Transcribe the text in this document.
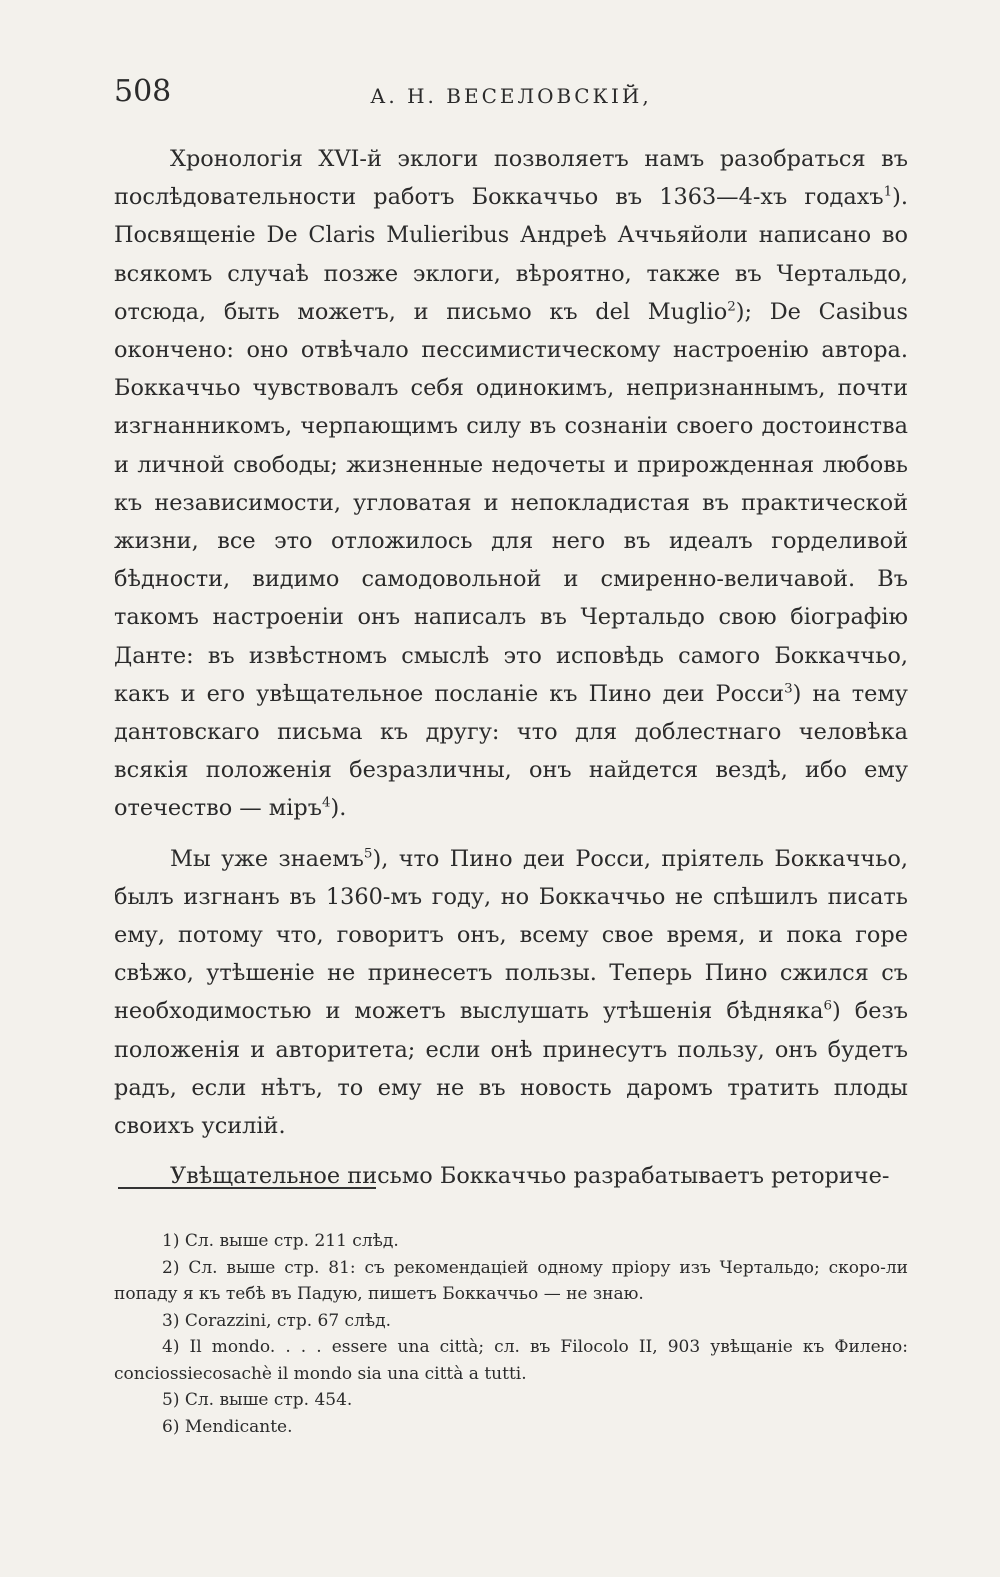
508	А. Н. ВЕСЕЛОВСКІЙ,

Хронологія XVI-й эклоги позволяетъ намъ разобраться въ послѣдовательности работъ Боккаччьо въ 1363—4-хъ годахъ$^1$). Посвященіе De Claris Mulieribus Андреѣ Аччьяйоли написано во всякомъ случаѣ позже эклоги, вѣроятно, также въ Чертальдо, отсюда, быть можетъ, и письмо къ del Muglio$^2$); De Casibus окончено: оно отвѣчало пессимистическому настроенію автора. Боккаччьо чувствовалъ себя одинокимъ, непризнаннымъ, почти изгнанникомъ, черпающимъ силу въ сознаніи своего достоинства и личной свободы; жизненные недочеты и прирожденная любовь къ независимости, угловатая и непокладистая въ практической жизни, все это отложилось для него въ идеалъ горделивой бѣдности, видимо самодовольной и смиренно-величавой. Въ такомъ настроеніи онъ написалъ въ Чертальдо свою біографію Данте: въ извѣстномъ смыслѣ это исповѣдь самого Боккаччьо, какъ и его увѣщательное посланіе къ Пино деи Росси$^3$) на тему дантовскаго письма къ другу: что для доблестнаго человѣка всякія положенія безразличны, онъ найдется вездѣ, ибо ему отечество — міръ$^4$).

Мы уже знаемъ$^5$), что Пино деи Росси, пріятель Боккаччьо, былъ изгнанъ въ 1360-мъ году, но Боккаччьо не спѣшилъ писать ему, потому что, говоритъ онъ, всему свое время, и пока горе свѣжо, утѣшеніе не принесетъ пользы. Теперь Пино сжился съ необходимостью и можетъ выслушать утѣшенія бѣдняка$^6$) безъ положенія и авторитета; если онѣ принесутъ пользу, онъ будетъ радъ, если нѣтъ, то ему не въ новость даромъ тратить плоды своихъ усилій.

Увѣщательное письмо Боккаччьо разрабатываетъ реториче-

1) Сл. выше стр. 211 слѣд.

2) Сл. выше стр. 81: съ рекомендаціей одному пріору изъ Чертальдо; скоро-ли попаду я къ тебѣ въ Падую, пишетъ Боккаччьо — не знаю.

3) Corazzini, стр. 67 слѣд.

4) Il mondo. . . . essere una città; сл. въ Filocolo II, 903 увѣщаніе къ Филено: conciossiecosachè il mondo sia una città a tutti.

5) Сл. выше стр. 454.

6) Mendicante.
